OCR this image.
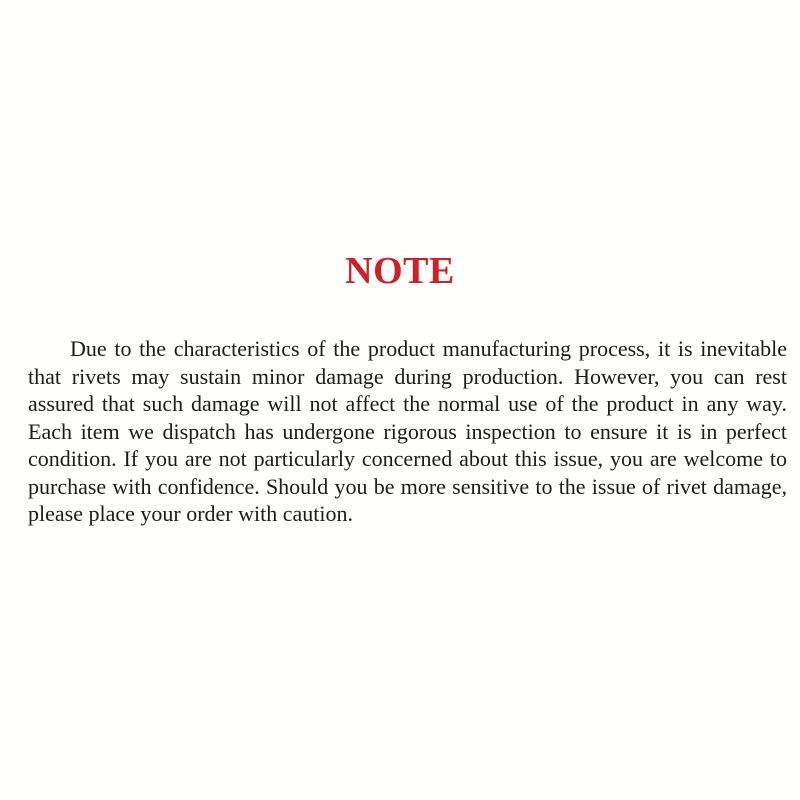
NOTE
Due to the characteristics of the product manufacturing process, it is inevitable
that rivets may sustain minor damage during production. However, you can rest
assured that such damage will not affect the normal use of the product in any way.
Each item we dispatch has undergone rigorous inspection to ensure it is in perfect
condition. If you are not particularly concerned about this issue, you are welcome to
purchase with confidence. Should you be more sensitive to the issue of rivet damage,
please place your order with caution.
